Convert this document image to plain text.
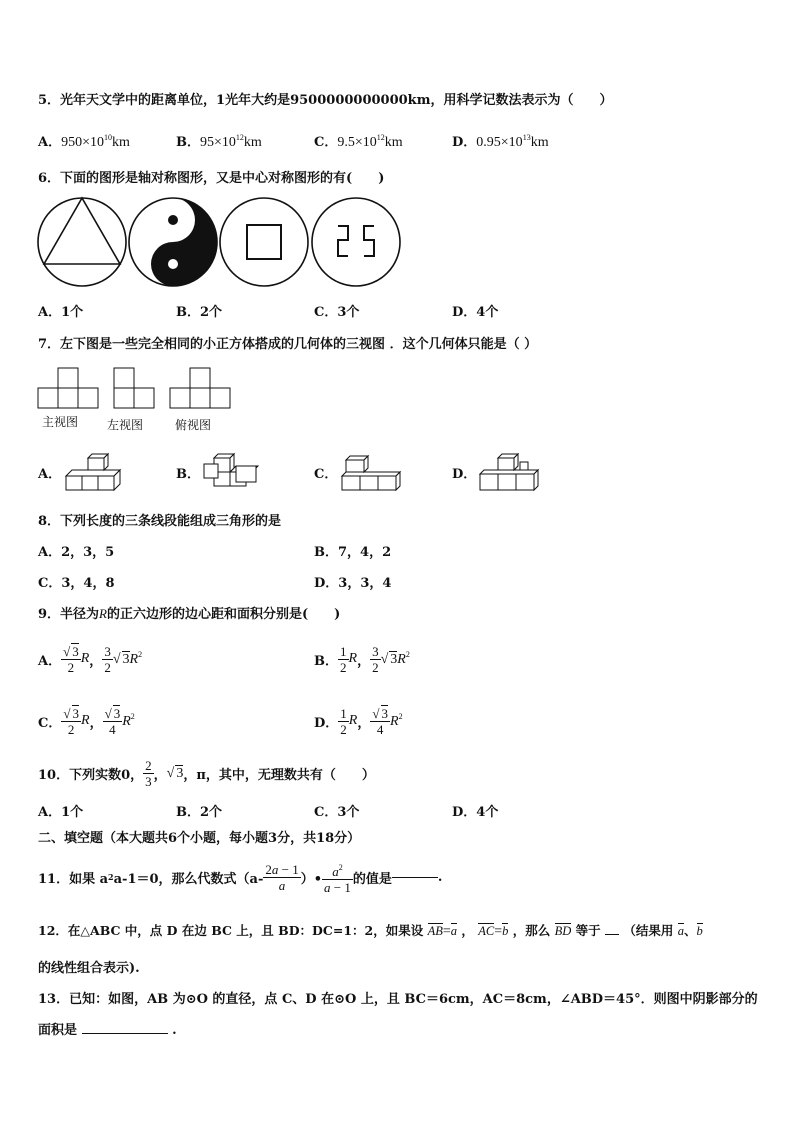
5．光年天文学中的距离单位，1光年大约是9500000000000km，用科学记数法表示为（　　）
A．$950\times 10^{10}km$	B．$95\times 10^{12}km$	C．$9.5\times 10^{12}km$	D．$0.95\times 10^{13}km$
6．下面的图形是轴对称图形，又是中心对称图形的有(　　)
A．1个	B．2个	C．3个	D．4个
7．左下图是一些完全相同的小正方体搭成的几何体的三视图 ．这个几何体只能是（ ）
主视图 左视图	俯视图
A．	B．	C．	D．
8．下列长度的三条线段能组成三角形的是
A．2，3，5	B．7，4，2
C．3，4，8	D．3，3，4
9．半径为R的正六边形的边心距和面积分别是(　　)
A． $\frac{√ 3}{2}$ R ， $\frac{3}{2}$ √ $3R^2$	B． $\frac{1}{2}$ R ， $\frac{3}{2}$ √ $3R^2$
C． $\frac{√ 3}{2}$ R ， $\frac{√ 3}{4} R^2$	D． $\frac{1}{2}$ R ， $\frac{√ 3}{4} R^2$
10．下列实数0， $\frac{2}{3}$ ， √ 3 ，π，其中，无理数共有（　　）
A．1个	B．2个	C．3个	D．4个
二、填空题（本大题共6个小题，每小题3分，共18分）
11．如果 a 2 a-1＝0，那么代数式（$a- \frac{2a - 1}{a}$ ）• $\frac{a^2}{a - 1}$ 的值是	.
12．在△ABC 中，点 D 在边 BC 上，且 BD：DC=1：2，如果设 AB=a ， AC=b ，那么 BD 等于 （结果用 a、b
的线性组合表示).
13．已知：如图，AB 为⊙O 的直径，点 C、D 在⊙O 上，且 BC＝6cm，AC＝8cm，∠ABD＝45°．则图中阴影部分的
面积是	.
